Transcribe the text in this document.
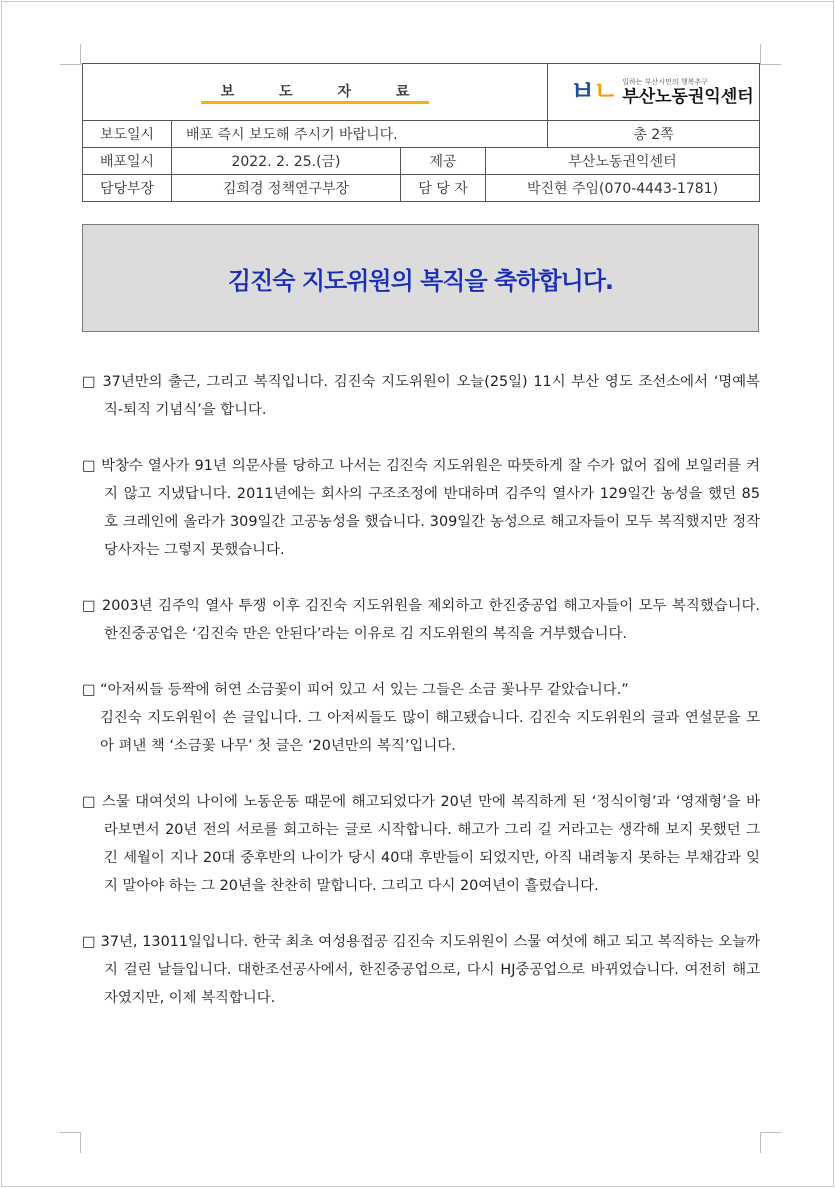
보 도 자 료				ㅂㄴ 일하는 부산시민의 행복추구
부산노동권익센터

보도일시	배포 즉시 보도해 주시기 바랍니다.			총 2쪽
배포일시	2022. 2. 25.(금)	제공	부산노동권익센터	
담당부장	김희경 정책연구부장	담 당 자	박진현 주임(070-4443-1781)	
김진숙 지도위원의 복직을 축하합니다.

□ 37년만의 출근, 그리고 복직입니다. 김진숙 지도위원이 오늘(25일) 11시 부산 영도 조선소에서 ‘명예복직-퇴직 기념식’을 합니다.

□ 박창수 열사가 91년 의문사를 당하고 나서는 김진숙 지도위원은 따뜻하게 잘 수가 없어 집에 보일러를 켜지 않고 지냈답니다. 2011년에는 회사의 구조조정에 반대하며 김주익 열사가 129일간 농성을 했던 85호 크레인에 올라가 309일간 고공농성을 했습니다. 309일간 농성으로 해고자들이 모두 복직했지만 정작 당사자는 그렇지 못했습니다.

□ 2003년 김주익 열사 투쟁 이후 김진숙 지도위원을 제외하고 한진중공업 해고자들이 모두 복직했습니다. 한진중공업은 ‘김진숙 만은 안된다’라는 이유로 김 지도위원의 복직을 거부했습니다.

□ “아저씨들 등짝에 허연 소금꽃이 피어 있고 서 있는 그들은 소금 꽃나무 같았습니다.”

김진숙 지도위원이 쓴 글입니다. 그 아저씨들도 많이 해고됐습니다. 김진숙 지도위원의 글과 연설문을 모아 펴낸 책 ‘소금꽃 나무’ 첫 글은 ‘20년만의 복직’입니다.

□ 스물 대여섯의 나이에 노동운동 때문에 해고되었다가 20년 만에 복직하게 된 ‘정식이형’과 ‘영재형’을 바라보면서 20년 전의 서로를 회고하는 글로 시작합니다. 해고가 그리 길 거라고는 생각해 보지 못했던 그 긴 세월이 지나 20대 중후반의 나이가 당시 40대 후반들이 되었지만, 아직 내려놓지 못하는 부채감과 잊지 말아야 하는 그 20년을 찬찬히 말합니다. 그리고 다시 20여년이 흘렀습니다.

□ 37년, 13011일입니다. 한국 최초 여성용접공 김진숙 지도위원이 스물 여섯에 해고 되고 복직하는 오늘까지 걸린 날들입니다. 대한조선공사에서, 한진중공업으로, 다시 HJ중공업으로 바뀌었습니다. 여전히 해고자였지만, 이제 복직합니다.
